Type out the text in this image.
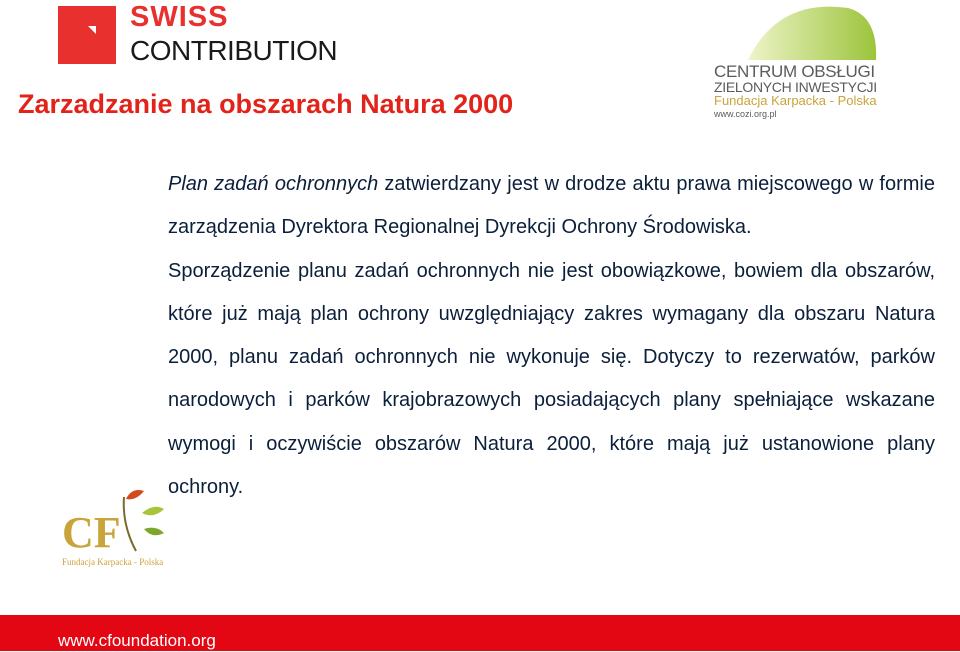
SWISS
CONTRIBUTION
CENTRUM OBSŁUGI
ZIELONYCH INWESTYCJI
Fundacja Karpacka - Polska
www.cozi.org.pl
Zarzadzanie na obszarach Natura 2000

Plan zadań ochronnych zatwierdzany jest w drodze aktu prawa miejscowego w formie zarządzenia Dyrektora Regionalnej Dyrekcji Ochrony Środowiska.

Sporządzenie planu zadań ochronnych nie jest obowiązkowe, bowiem dla obszarów, które już mają plan ochrony uwzględniający zakres wymagany dla obszaru Natura 2000, planu zadań ochronnych nie wykonuje się. Dotyczy to rezerwatów, parków narodowych i parków krajobrazowych posiadających plany spełniające wskazane wymogi i oczywiście obszarów Natura 2000, które mają już ustanowione plany ochrony.

CF
Fundacja Karpacka - Polska
www.cfoundation.org
